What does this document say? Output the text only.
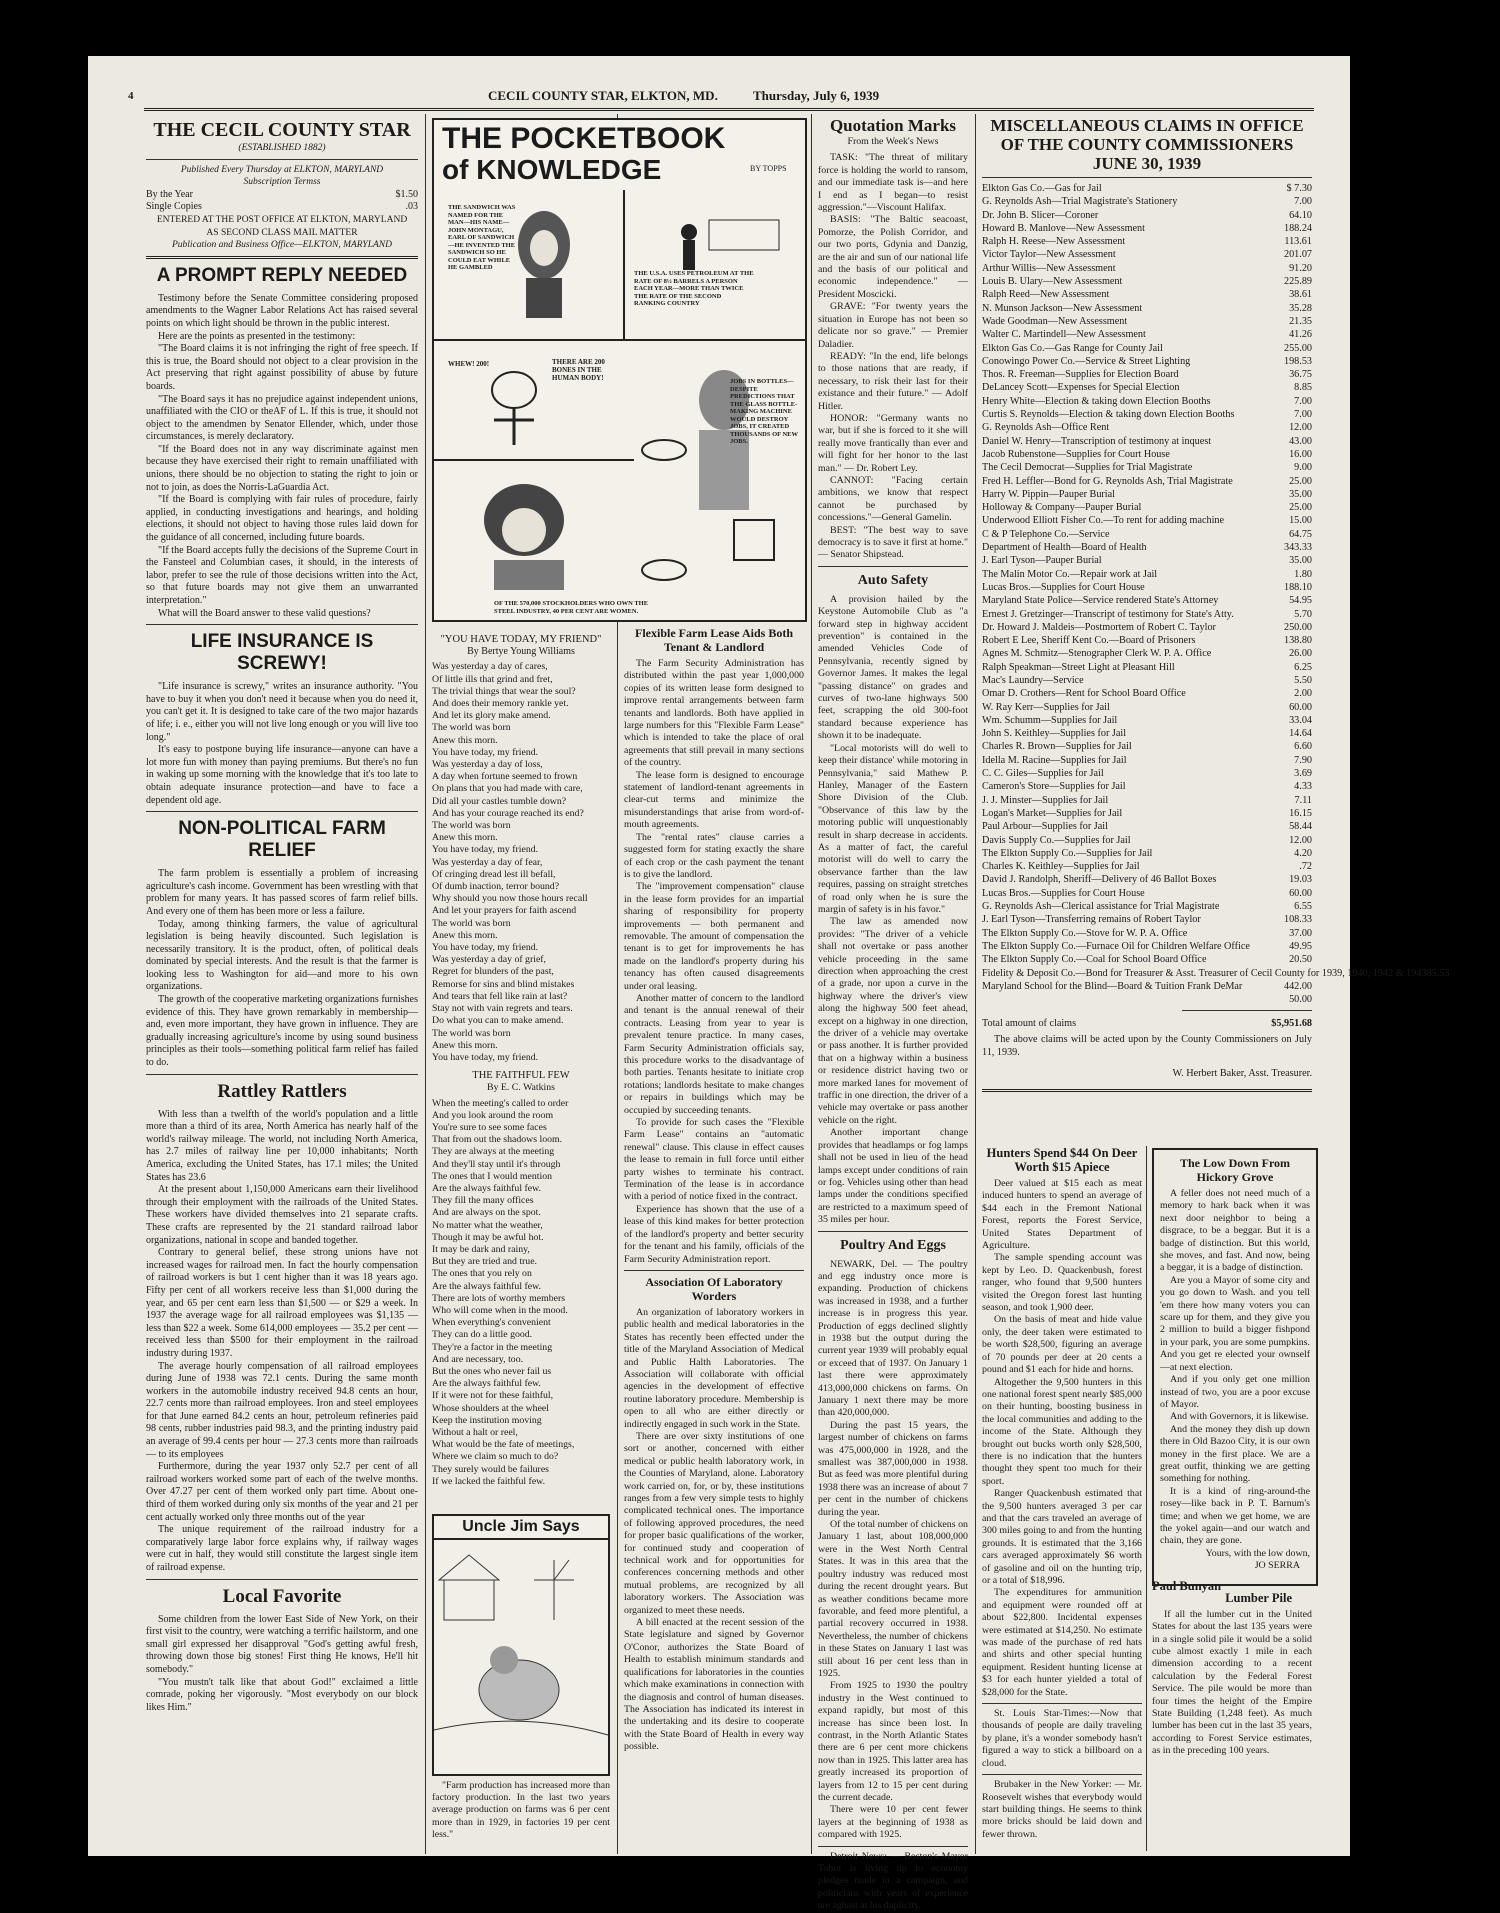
4	CECIL COUNTY STAR, ELKTON, MD.	Thursday, July 6, 1939
THE CECIL COUNTY STAR
(ESTABLISHED 1882)
Published Every Thursday at ELKTON, MARYLAND
Subscription Termss
By the Year	$1.50
Single Copies	.03
ENTERED AT THE POST OFFICE AT ELKTON, MARYLAND
AS SECOND CLASS MAIL MATTER
Publication and Business Office—ELKTON, MARYLAND
A PROMPT REPLY NEEDED

Testimony before the Senate Committee considering proposed amendments to the Wagner Labor Relations Act has raised several points on which light should be thrown in the public interest.

Here are the points as presented in the testimony:

"The Board claims it is not infringing the right of free speech. If this is true, the Board should not object to a clear provision in the Act preserving that right against possibility of abuse by future boards.

"The Board says it has no prejudice against independent unions, unaffiliated with the CIO or theAF of L. If this is true, it should not object to the amendmen by Senator Ellender, which, under those circumstances, is merely declaratory.

"If the Board does not in any way discriminate against men because they have exercised their right to remain unaffiliated with unions, there should be no objection to stating the right to join or not to join, as does the Norris-LaGuardia Act.

"If the Board is complying with fair rules of procedure, fairly applied, in conducting investigations and hearings, and holding elections, it should not object to having those rules laid down for the guidance of all concerned, including future boards.

"If the Board accepts fully the decisions of the Supreme Court in the Fansteel and Columbian cases, it should, in the interests of labor, prefer to see the rule of those decisions written into the Act, so that future boards may not give them an unwarranted interpretation."

What will the Board answer to these valid questions?

LIFE INSURANCE IS SCREWY!

"Life insurance is screwy," writes an insurance authority. "You have to buy it when you don't need it because when you do need it, you can't get it. It is designed to take care of the two major hazards of life; i. e., either you will not live long enough or you will live too long."

It's easy to postpone buying life insurance—anyone can have a lot more fun with money than paying premiums. But there's no fun in waking up some morning with the knowledge that it's too late to obtain adequate insurance protection—and have to face a dependent old age.

NON-POLITICAL FARM RELIEF

The farm problem is essentially a problem of increasing agriculture's cash income. Government has been wrestling with that problem for many years. It has passed scores of farm relief bills. And every one of them has been more or less a failure.

Today, among thinking farmers, the value of agricultural legislation is being heavily discounted. Such legislation is necessarily transitory. It is the product, often, of political deals dominated by special interests. And the result is that the farmer is looking less to Washington for aid—and more to his own organizations.

The growth of the cooperative marketing organizations furnishes evidence of this. They have grown remarkably in membership—and, even more important, they have grown in influence. They are gradually increasing agriculture's income by using sound business principles as their tools—something political farm relief has failed to do.

Rattley Rattlers

With less than a twelfth of the world's population and a little more than a third of its area, North America has nearly half of the world's railway mileage. The world, not including North America, has 2.7 miles of railway line per 10,000 inhabitants; North America, excluding the United States, has 17.1 miles; the United States has 23.6

At the present about 1,150,000 Americans earn their livelihood through their employment with the railroads of the United States. These workers have divided themselves into 21 separate crafts. These crafts are represented by the 21 standard railroad labor organizations, national in scope and banded together.

Contrary to general belief, these strong unions have not increased wages for railroad men. In fact the hourly compensation of railroad workers is but 1 cent higher than it was 18 years ago. Fifty per cent of all workers receive less than $1,000 during the year, and 65 per cent earn less than $1,500 — or $29 a week. In 1937 the average wage for all railroad employees was $1,135 — less than $22 a week. Some 614,000 employees — 35.2 per cent — received less than $500 for their employment in the railroad industry during 1937.

The average hourly compensation of all railroad employees during June of 1938 was 72.1 cents. During the same month workers in the automobile industry received 94.8 cents an hour, 22.7 cents more than railroad employees. Iron and steel employees for that June earned 84.2 cents an hour, petroleum refineries paid 98 cents, rubber industries paid 98.3, and the printing industry paid an average of 99.4 cents per hour — 27.3 cents more than railroads — to its employees

Furthermore, during the year 1937 only 52.7 per cent of all railroad workers worked some part of each of the twelve months. Over 47.27 per cent of them worked only part time. About one-third of them worked during only six months of the year and 21 per cent actually worked only three months out of the year

The unique requirement of the railroad industry for a comparatively large labor force explains why, if railway wages were cut in half, they would still constitute the largest single item of railroad expense.

Local Favorite

Some children from the lower East Side of New York, on their first visit to the country, were watching a terrific hailstorm, and one small girl expressed her disapproval "God's getting awful fresh, throwing down those big stones! First thing He knows, He'll hit somebody."

"You mustn't talk like that about God!" exclaimed a little comrade, poking her vigorously. "Most everybody on our block likes Him."

THE POCKETBOOK
of KNOWLEDGE	BY TOPPS
THE SANDWICH WAS NAMED FOR THE MAN—HIS NAME—JOHN MONTAGU, EARL OF SANDWICH—HE INVENTED THE SANDWICH SO HE COULD EAT WHILE HE GAMBLED
THE U.S.A. USES PETROLEUM AT THE RATE OF 8½ BARRELS A PERSON EACH YEAR—MORE THAN TWICE THE RATE OF THE SECOND RANKING COUNTRY
THERE ARE 200 BONES IN THE HUMAN BODY!
WHEW! 200!
JOBS IN BOTTLES—DESPITE PREDICTIONS THAT THE GLASS BOTTLE-MAKING MACHINE WOULD DESTROY JOBS, IT CREATED THOUSANDS OF NEW JOBS.
OF THE 570,000 STOCKHOLDERS WHO OWN THE STEEL INDUSTRY, 40 PER CENT ARE WOMEN.
"YOU HAVE TODAY, MY FRIEND"
By Bertye Young Williams

Was yesterday a day of cares,

Of little ills that grind and fret,

The trivial things that wear the soul?

And does their memory rankle yet.

And let its glory make amend.

The world was born

Anew this morn.

You have today, my friend.

Was yesterday a day of loss,

A day when fortune seemed to frown

On plans that you had made with care,

Did all your castles tumble down?

And has your courage reached its end?

The world was born

Anew this morn.

You have today, my friend.

Was yesterday a day of fear,

Of cringing dread lest ill befall,

Of dumb inaction, terror bound?

Why should you now those hours recall

And let your prayers for faith ascend

The world was born

Anew this morn.

You have today, my friend.

Was yesterday a day of grief,

Regret for blunders of the past,

Remorse for sins and blind mistakes

And tears that fell like rain at last?

Stay not with vain regrets and tears.

Do what you can to make amend.

The world was born

Anew this morn.

You have today, my friend.

THE FAITHFUL FEW
By E. C. Watkins

When the meeting's called to order

And you look around the room

You're sure to see some faces

That from out the shadows loom.

They are always at the meeting

And they'll stay until it's through

The ones that I would mention

Are the always faithful few.

They fill the many offices

And are always on the spot.

No matter what the weather,

Though it may be awful hot.

It may be dark and rainy,

But they are tried and true.

The ones that you rely on

Are the always faithful few.

There are lots of worthy members

Who will come when in the mood.

When everything's convenient

They can do a little good.

They're a factor in the meeting

And are necessary, too.

But the ones who never fail us

Are the always faithful few.

If it were not for these faithful,

Whose shoulders at the wheel

Keep the institution moving

Without a halt or reel,

What would be the fate of meetings,

Where we claim so much to do?

They surely would be failures

If we lacked the faithful few.

Uncle Jim Says
"Farm production has increased more than factory production. In the last two years average production on farms was 6 per cent more than in 1929, in factories 19 per cent less."
Flexible Farm Lease Aids Both Tenant & Landlord

The Farm Security Administration has distributed within the past year 1,000,000 copies of its written lease form designed to improve rental arrangements between farm tenants and landlords. Both have applied in large numbers for this "Flexible Farm Lease" which is intended to take the place of oral agreements that still prevail in many sections of the country.

The lease form is designed to encourage statement of landlord-tenant agreements in clear-cut terms and minimize the misunderstandings that arise from word-of-mouth agreements.

The "rental rates" clause carries a suggested form for stating exactly the share of each crop or the cash payment the tenant is to give the landlord.

The "improvement compensation" clause in the lease form provides for an impartial sharing of responsibility for property improvements — both permanent and removable. The amount of compensation the tenant is to get for improvements he has made on the landlord's property during his tenancy has often caused disagreements under oral leasing.

Another matter of concern to the landlord and tenant is the annual renewal of their contracts. Leasing from year to year is prevalent tenure practice. In many cases, Farm Security Administration officials say, this procedure works to the disadvantage of both parties. Tenants hesitate to initiate crop rotations; landlords hesitate to make changes or repairs in buildings which may be occupied by succeeding tenants.

To provide for such cases the "Flexible Farm Lease" contains an "automatic renewal" clause. This clause in effect causes the lease to remain in full force until either party wishes to terminate his contract. Termination of the lease is in accordance with a period of notice fixed in the contract.

Experience has shown that the use of a lease of this kind makes for better protection of the landlord's property and better security for the tenant and his family, officials of the Farm Security Administration report.

Association Of Laboratory Worders

An organization of laboratory workers in public health and medical laboratories in the States has recently been effected under the title of the Maryland Association of Medical and Public Halth Laboratories. The Association will collaborate with official agencies in the development of effective routine laboratory procedure. Membership is open to all who are either directly or indirectly engaged in such work in the State.

There are over sixty institutions of one sort or another, concerned with either medical or public health laboratory work, in the Counties of Maryland, alone. Laboratory work carried on, for, or by, these institutions ranges from a few very simple tests to highly complicated technical ones. The importance of following approved procedures, the need for proper basic qualifications of the worker, for continued study and cooperation of technical work and for opportunities for conferences concerning methods and other mutual problems, are recognized by all laboratory workers. The Association was organized to meet these needs.

A bill enacted at the recent session of the State legislature and signed by Governor O'Conor, authorizes the State Board of Health to establish minimum standards and qualifications for laboratories in the counties which make examinations in connection with the diagnosis and control of human diseases. The Association has indicated its interest in the undertaking and its desire to cooperate with the State Board of Health in every way possible.

Quotation Marks
From the Week's News

TASK: "The threat of military force is holding the world to ransom, and our immediate task is—and here I end as I began—to resist aggression."—Viscount Halifax.

BASIS: "The Baltic seacoast, Pomorze, the Polish Corridor, and our two ports, Gdynia and Danzig, are the air and sun of our national life and the basis of our political and economic independence." — President Moscicki.

GRAVE: "For twenty years the situation in Europe has not been so delicate nor so grave." — Premier Daladier.

READY: "In the end, life belongs to those nations that are ready, if necessary, to risk their last for their existance and their future." — Adolf Hitler.

HONOR: "Germany wants no war, but if she is forced to it she will really move frantically than ever and will fight for her honor to the last man." — Dr. Robert Ley.

CANNOT: "Facing certain ambitions, we know that respect cannot be purchased by concessions."—General Gamelin.

BEST: "The best way to save democracy is to save it first at home." — Senator Shipstead.

Auto Safety

A provision hailed by the Keystone Automobile Club as "a forward step in highway accident prevention" is contained in the amended Vehicles Code of Pennsylvania, recently signed by Governor James. It makes the legal "passing distance" on grades and curves of two-lane highways 500 feet, scrapping the old 300-foot standard because experience has shown it to be inadequate.

"Local motorists will do well to keep their distance' while motoring in Pennsylvania," said Mathew P. Hanley, Manager of the Eastern Shore Division of the Club. "Observance of this law by the motoring public will unquestionably result in sharp decrease in accidents. As a matter of fact, the careful motorist will do well to carry the observance farther than the law requires, passing on straight stretches of road only when he is sure the margin of safety is in his favor."

The law as amended now provides: "The driver of a vehicle shall not overtake or pass another vehicle proceeding in the same direction when approaching the crest of a grade, nor upon a curve in the highway where the driver's view along the highway 500 feet ahead, except on a highway in one direction, the driver of a vehicle may overtake or pass another. It is further provided that on a highway within a business or residence district having two or more marked lanes for movement of traffic in one direction, the driver of a vehicle may overtake or pass another vehicle on the right.

Another important change provides that headlamps or fog lamps shall not be used in lieu of the head lamps except under conditions of rain or fog. Vehicles using other than head lamps under the conditions specified are restricted to a maximum speed of 35 miles per hour.

Poultry And Eggs

NEWARK, Del. — The poultry and egg industry once more is expanding. Production of chickens was increased in 1938, and a further increase is in progress this year. Production of eggs declined slightly in 1938 but the output during the current year 1939 will probably equal or exceed that of 1937. On January 1 last there were approximately 413,000,000 chickens on farms. On January 1 next there may be more than 420,000,000.

During the past 15 years, the largest number of chickens on farms was 475,000,000 in 1928, and the smallest was 387,000,000 in 1938. But as feed was more plentiful during 1938 there was an increase of about 7 per cent in the number of chickens during the year.

Of the total number of chickens on January 1 last, about 108,000,000 were in the West North Central States. It was in this area that the poultry industry was reduced most during the recent drought years. But as weather conditions became more favorable, and feed more plentiful, a partial recovery occurred in 1938. Nevertheless, the number of chickens in these States on January 1 last was still about 16 per cent less than in 1925.

From 1925 to 1930 the poultry industry in the West continued to expand rapidly, but most of this increase has since been lost. In contrast, in the North Atlantic States there are 6 per cent more chickens now than in 1925. This latter area has greatly increased its proportion of layers from 12 to 15 per cent during the current decade.

There were 10 per cent fewer layers at the beginning of 1938 as compared with 1925.

Detroit News: — Boston's Mayor Tobin is living up to economy pledges made in a campaign, and politicians with years of experience are aghast at his duplicity.

MISCELLANEOUS CLAIMS IN OFFICE
OF THE COUNTY COMMISSIONERS
JUNE 30, 1939
Elkton Gas Co.—Gas for Jail	$ 7.30
G. Reynolds Ash—Trial Magistrate's Stationery	7.00
Dr. John B. Slicer—Coroner	64.10
Howard B. Manlove—New Assessment	188.24
Ralph H. Reese—New Assessment	113.61
Victor Taylor—New Assessment	201.07
Arthur Willis—New Assessment	91.20
Louis B. Ulary—New Assessment	225.89
Ralph Reed—New Assessment	38.61
N. Munson Jackson—New Assessment	35.28
Wade Goodman—New Assessment	21.35
Walter C. Martindell—New Assessment	41.26
Elkton Gas Co.—Gas Range for County Jail	255.00
Conowingo Power Co.—Service & Street Lighting	198.53
Thos. R. Freeman—Supplies for Election Board	36.75
DeLancey Scott—Expenses for Special Election	8.85
Henry White—Election & taking down Election Booths	7.00
Curtis S. Reynolds—Election & taking down Election Booths	7.00
G. Reynolds Ash—Office Rent	12.00
Daniel W. Henry—Transcription of testimony at inquest	43.00
Jacob Rubenstone—Supplies for Court House	16.00
The Cecil Democrat—Supplies for Trial Magistrate	9.00
Fred H. Leffler—Bond for G. Reynolds Ash, Trial Magistrate	25.00
Harry W. Pippin—Pauper Burial	35.00
Holloway & Company—Pauper Burial	25.00
Underwood Elliott Fisher Co.—To rent for adding machine	15.00
C & P Telephone Co.—Service	64.75
Department of Health—Board of Health	343.33
J. Earl Tyson—Pauper Burial	35.00
The Malin Motor Co.—Repair work at Jail	1.80
Lucas Bros.—Supplies for Court House	188.10
Maryland State Police—Service rendered State's Attorney	54.95
Ernest J. Gretzinger—Transcript of testimony for State's Atty.	5.70
Dr. Howard J. Maldeis—Postmortem of Robert C. Taylor	250.00
Robert E Lee, Sheriff Kent Co.—Board of Prisoners	138.80
Agnes M. Schmitz—Stenographer Clerk W. P. A. Office	26.00
Ralph Speakman—Street Light at Pleasant Hill	6.25
Mac's Laundry—Service	5.50
Omar D. Crothers—Rent for School Board Office	2.00
W. Ray Kerr—Supplies for Jail	60.00
Wm. Schumm—Supplies for Jail	33.04
John S. Keithley—Supplies for Jail	14.64
Charles R. Brown—Supplies for Jail	6.60
Idella M. Racine—Supplies for Jail	7.90
C. C. Giles—Supplies for Jail	3.69
Cameron's Store—Supplies for Jail	4.33
J. J. Minster—Supplies for Jail	7.11
Logan's Market—Supplies for Jail	16.15
Paul Arbour—Supplies for Jail	58.44
Davis Supply Co.—Supplies for Jail	12.00
The Elkton Supply Co.—Supplies for Jail	4.20
Charles K. Keithley—Supplies for Jail	.72
David J. Randolph, Sheriff—Delivery of 46 Ballot Boxes	19.03
Lucas Bros.—Supplies for Court House	60.00
G. Reynolds Ash—Clerical assistance for Trial Magistrate	6.55
J. Earl Tyson—Transferring remains of Robert Taylor	108.33
The Elkton Supply Co.—Stove for W. P. A. Office	37.00
The Elkton Supply Co.—Furnace Oil for Children Welfare Office	49.95
The Elkton Supply Co.—Coal for School Board Office	20.50
Fidelity & Deposit Co.—Bond for Treasurer & Asst. Treasurer of Cecil County for 1939, 1940, 1942 & 1943 85.53
Maryland School for the Blind—Board & Tuition Frank DeMar	442.00
50.00
Total amount of claims	$5,951.68

The above claims will be acted upon by the County Commissioners on July 11, 1939.

W. Herbert Baker, Asst. Treasurer.
Hunters Spend $44 On Deer Worth $15 Apiece

Deer valued at $15 each as meat induced hunters to spend an average of $44 each in the Fremont National Forest, reports the Forest Service, United States Department of Agriculture.

The sample spending account was kept by Leo. D. Quackenbush, forest ranger, who found that 9,500 hunters visited the Oregon forest last hunting season, and took 1,900 deer.

On the basis of meat and hide value only, the deer taken were estimated to be worth $28,500, figuring an average of 70 pounds per deer at 20 cents a pound and $1 each for hide and horns.

Altogether the 9,500 hunters in this one national forest spent nearly $85,000 on their hunting, boosting business in the local communities and adding to the income of the State. Although they brought out bucks worth only $28,500, there is no indication that the hunters thought they spent too much for their sport.

Ranger Quackenbush estimated that the 9,500 hunters averaged 3 per car and that the cars traveled an average of 300 miles going to and from the hunting grounds. It is estimated that the 3,166 cars averaged approximately $6 worth of gasoline and oil on the hunting trip, or a total of $18,996.

The expenditures for ammunition and equipment were rounded off at about $22,800. Incidental expenses were estimated at $14,250. No estimate was made of the purchase of red hats and shirts and other special hunting equipment. Resident hunting license at $3 for each hunter yielded a total of $28,000 for the State.

St. Louis Star-Times:—Now that thousands of people are daily traveling by plane, it's a wonder somebody hasn't figured a way to stick a billboard on a cloud.

Brubaker in the New Yorker: — Mr. Roosevelt wishes that everybody would start building things. He seems to think more bricks should be laid down and fewer thrown.

The Low Down From Hickory Grove

A feller does not need much of a memory to hark back when it was next door neighbor to being a disgrace, to be a beggar. But it is a badge of distinction. But this world, she moves, and fast. And now, being a beggar, it is a badge of distinction.

Are you a Mayor of some city and you go down to Wash. and you tell 'em there how many voters you can scare up for them, and they give you 2 million to build a bigger fishpond in your park, you are some pumpkins. And you get re elected your ownself—at next election.

And if you only get one million instead of two, you are a poor excuse of Mayor.

And with Governors, it is likewise.

And the money they dish up down there in Old Bazoo City, it is our own money in the first place. We are a great outfit, thinking we are getting something for nothing.

It is a kind of ring-around-the rosey—like back in P. T. Barnum's time; and when we get home, we are the yokel again—and our watch and chain, they are gone.

Yours, with the low down,
JO SERRA
Paul Bunyan
Lumber Pile

If all the lumber cut in the United States for about the last 135 years were in a single solid pile it would be a solid cube almost exactly 1 mile in each dimension according to a recent calculation by the Federal Forest Service. The pile would be more than four times the height of the Empire State Building (1,248 feet). As much lumber has been cut in the last 35 years, according to Forest Service estimates, as in the preceding 100 years.
